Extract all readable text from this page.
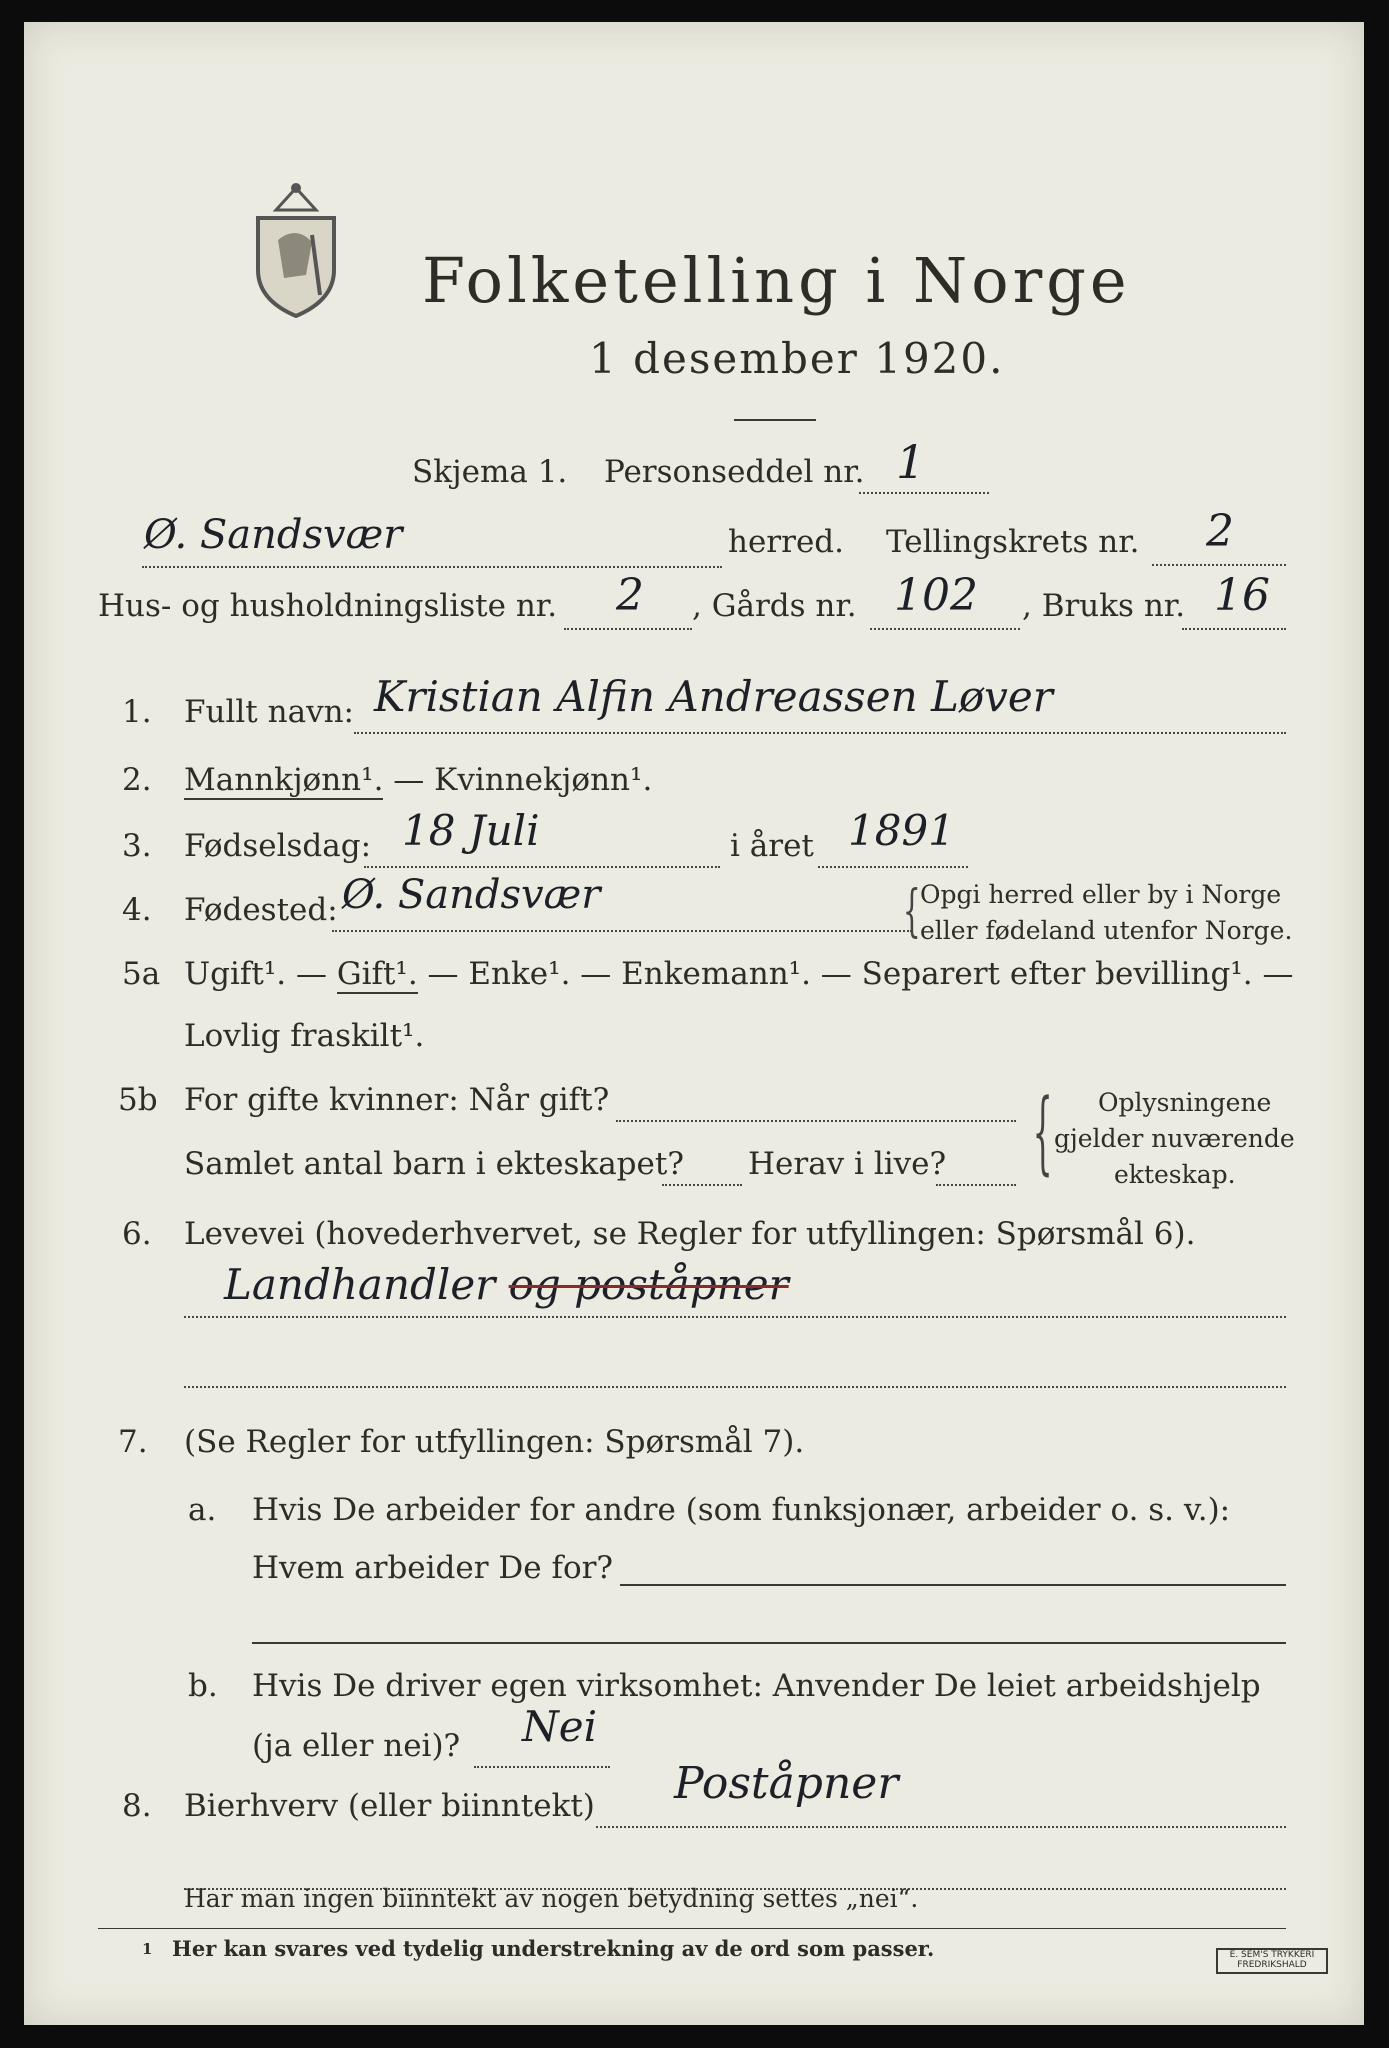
Folketelling i Norge
1 desember 1920.
Skjema 1. Personseddel nr. 1
Ø. Sandsvær	herred. Tellingskrets nr. 2
Hus- og husholdningsliste nr. 2 , Gårds nr. 102 , Bruks nr. 16
1. Fullt navn: Kristian Alfin Andreassen Løver
2. Mannkjønn¹. — Kvinnekjønn¹.
3. Fødselsdag: 18 Juli	i året 1891
4. Fødested: Ø. Sandsvær	{ Opgi herred eller by i Norge
eller fødeland utenfor Norge.
5a Ugift¹. — Gift¹. — Enke¹. — Enkemann¹. — Separert efter bevilling¹. —
Lovlig fraskilt¹.
5b For gifte kvinner: Når gift?
Samlet antal barn i ekteskapet? Herav i live? { Oplysningene
gjelder nuværende
ekteskap.
6. Levevei (hovederhvervet, se Regler for utfyllingen: Spørsmål 6).
Landhandler og poståpner
7. (Se Regler for utfyllingen: Spørsmål 7).
a. Hvis De arbeider for andre (som funksjonær, arbeider o. s. v.):
Hvem arbeider De for?
b. Hvis De driver egen virksomhet: Anvender De leiet arbeidshjelp
(ja eller nei)? Nei
8. Bierhverv (eller biinntekt) Poståpner
Har man ingen biinntekt av nogen betydning settes „nei“.
1 Her kan svares ved tydelig understrekning av de ord som passer.	E. SEM'S TRYKKERI FREDRIKSHALD
